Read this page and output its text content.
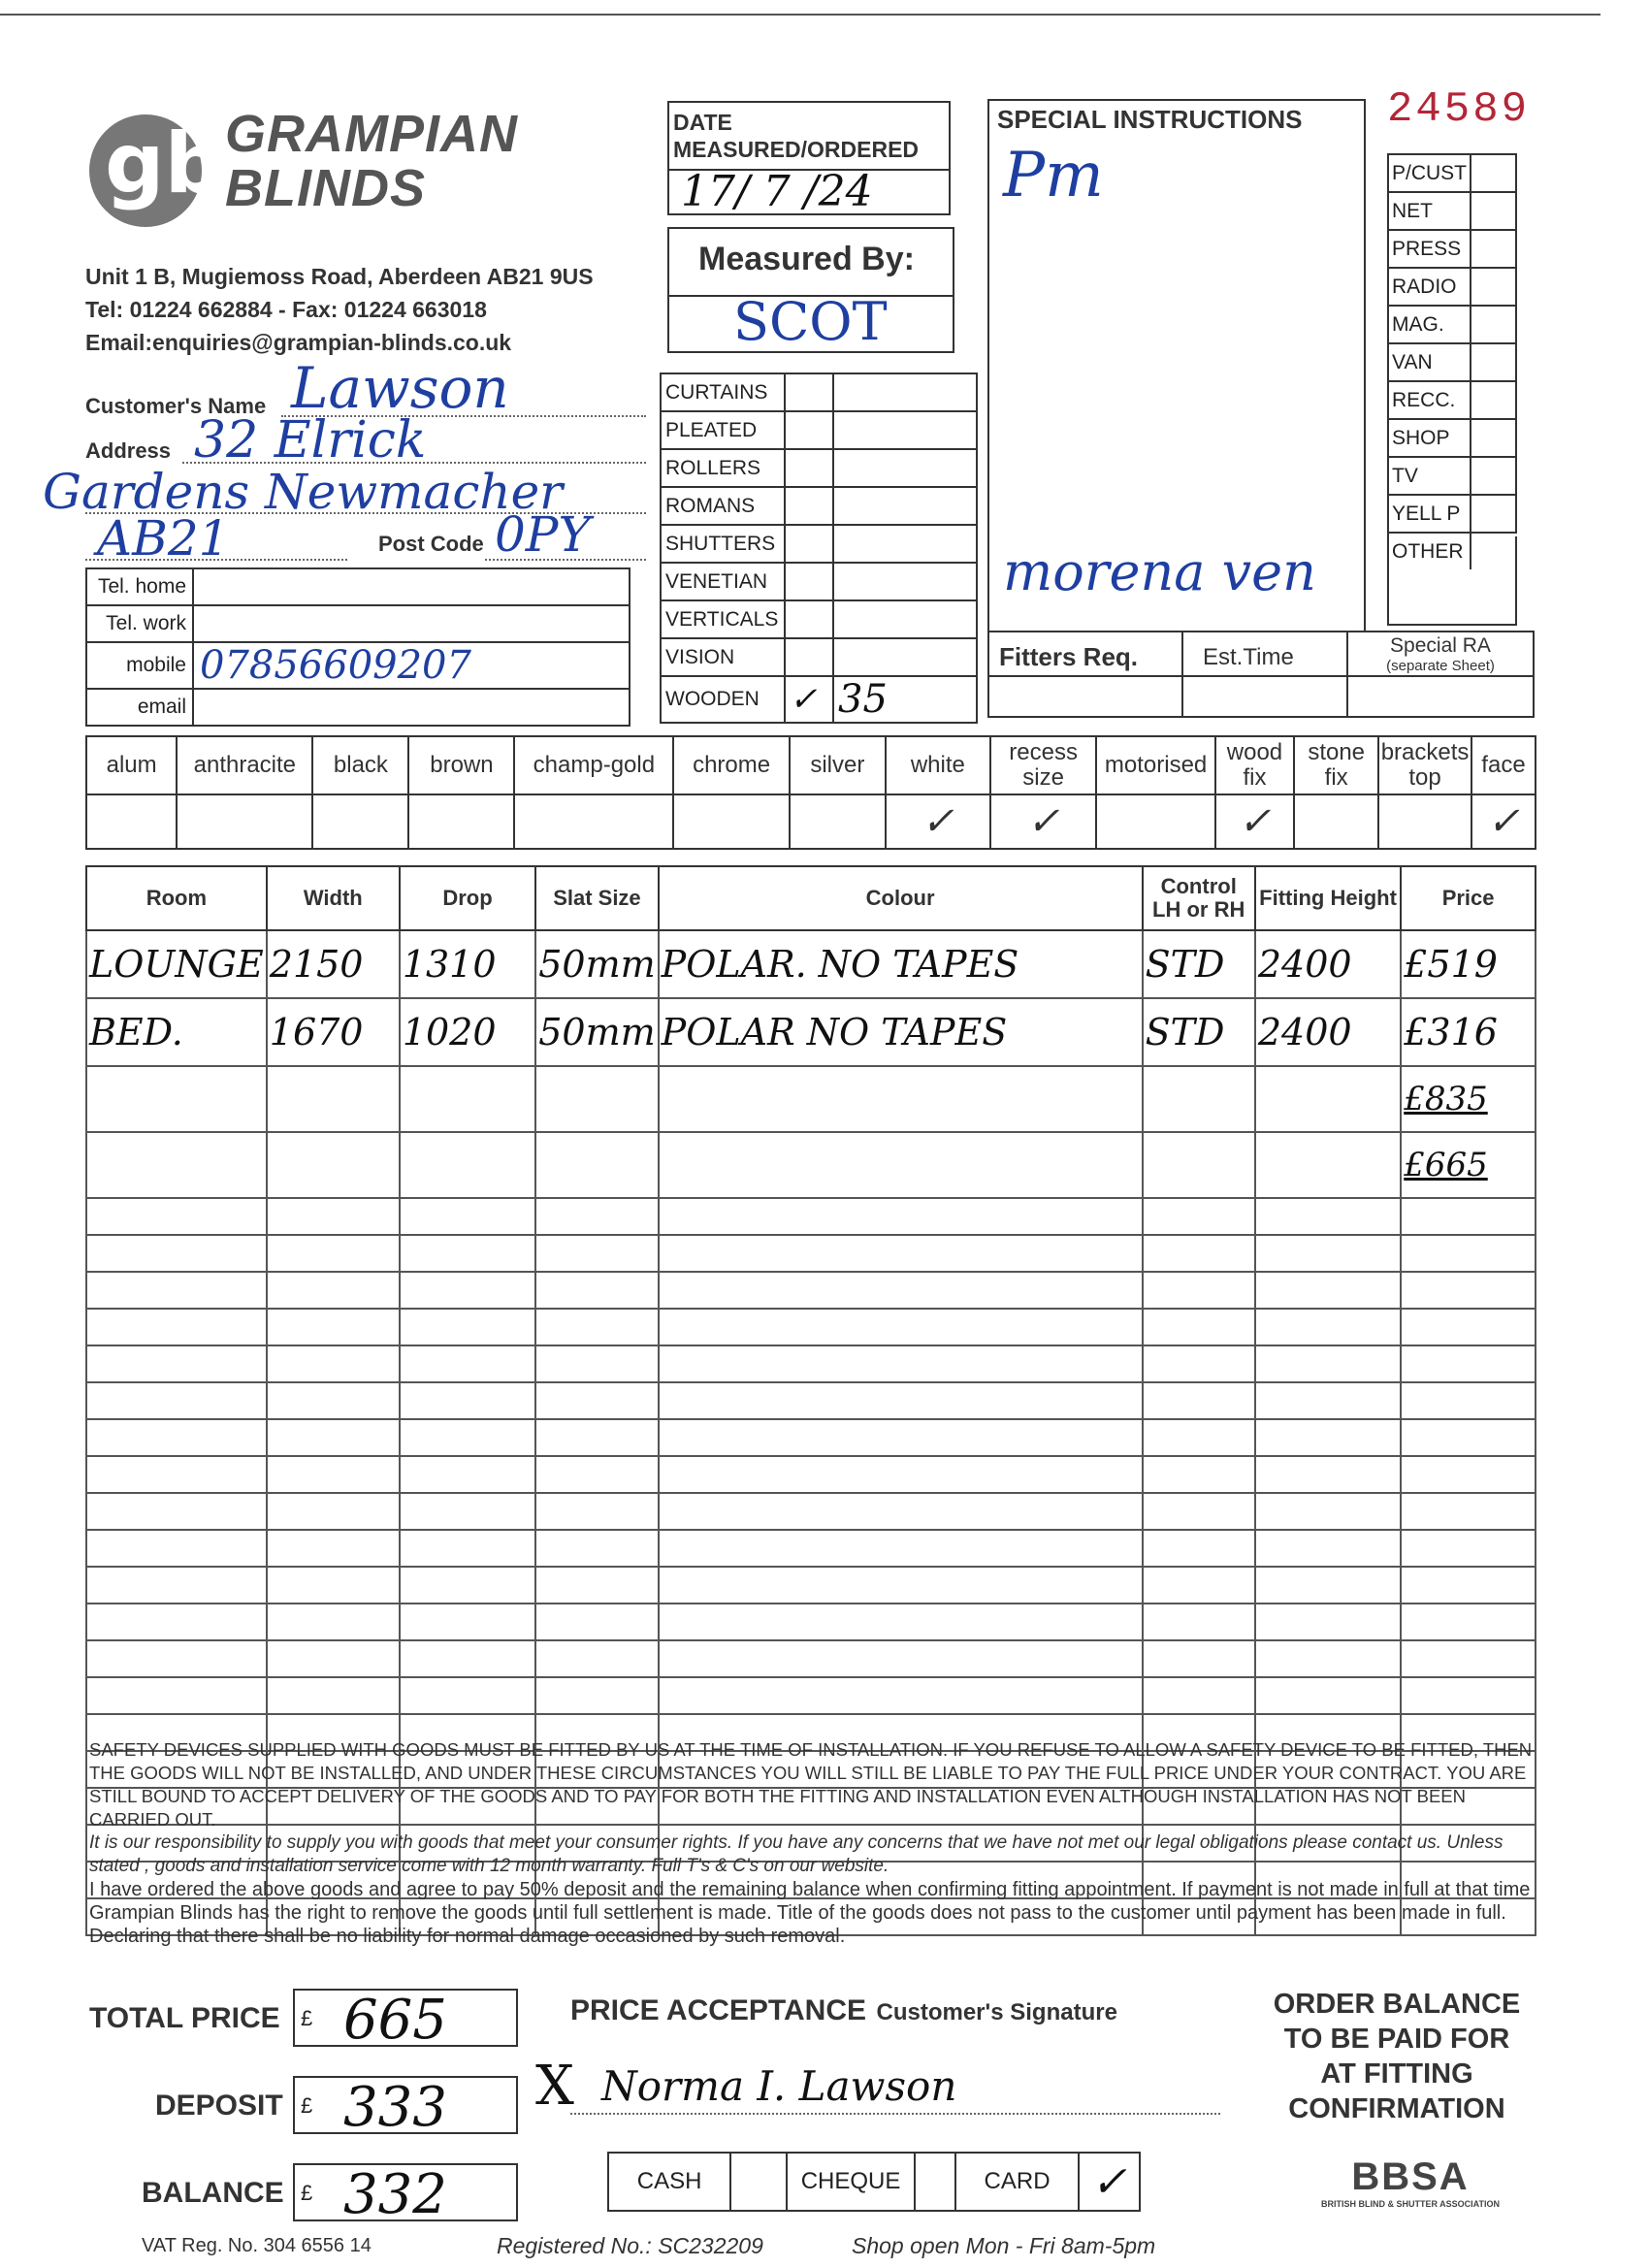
gb GRAMPIAN
BLINDS
Unit 1 B, Mugiemoss Road, Aberdeen AB21 9US
Tel: 01224 662884 - Fax: 01224 663018
Email:enquiries@grampian-blinds.co.uk
DATE
MEASURED/ORDERED
17/ 7 /24
Measured By:
SCOT
SPECIAL INSTRUCTIONS
Pm
morena ven
24589
P/CUST	
NET	
PRESS	
RADIO	
MAG.	
VAN	
RECC.	
SHOP	
TV	
YELL P	
OTHER	
Fitters Req.	Est.Time	Special RA
(separate Sheet)
Customer's Name Lawson
Address 32 Elrick
Gardens Newmacher
AB21	Post Code 0PY
Tel. home	
Tel. work	
mobile	07856609207
email	
CURTAINS		
PLEATED		
ROLLERS		
ROMANS		
SHUTTERS		
VENETIAN		
VERTICALS		
VISION		
WOODEN	✓	35
alum	anthracite	black	brown	champ-gold	chrome	silver	white	recess size	motorised	wood fix	stone fix	brackets top	face
							✓	✓		✓			✓
Room	Width	Drop	Slat Size	Colour	Control LH or RH	Fitting Height	Price
LOUNGE	2150	1310	50mm	POLAR. NO TAPES	STD	2400	£519
BED.	1670	1020	50mm	POLAR NO TAPES	STD	2400	£316
							£835
							£665

SAFETY DEVICES SUPPLIED WITH GOODS MUST BE FITTED BY US AT THE TIME OF INSTALLATION. IF YOU REFUSE TO ALLOW A SAFETY DEVICE TO BE FITTED, THEN THE GOODS WILL NOT BE INSTALLED, AND UNDER THESE CIRCUMSTANCES YOU WILL STILL BE LIABLE TO PAY THE FULL PRICE UNDER YOUR CONTRACT. YOU ARE STILL BOUND TO ACCEPT DELIVERY OF THE GOODS AND TO PAY FOR BOTH THE FITTING AND INSTALLATION EVEN ALTHOUGH INSTALLATION HAS NOT BEEN CARRIED OUT.

It is our responsibility to supply you with goods that meet your consumer rights. If you have any concerns that we have not met our legal obligations please contact us. Unless stated , goods and installation service come with 12 month warranty. Full T's & C's on our website.

I have ordered the above goods and agree to pay 50% deposit and the remaining balance when confirming fitting appointment. If payment is not made in full at that time Grampian Blinds has the right to remove the goods until full settlement is made. Title of the goods does not pass to the customer until payment has been made in full. Declaring that there shall be no liability for normal damage occasioned by such removal.

TOTAL PRICE £ 665
DEPOSIT £ 333
BALANCE £ 332
PRICE ACCEPTANCE Customer's Signature
X Norma I. Lawson
CASH		CHEQUE		CARD	✓
ORDER BALANCE
TO BE PAID FOR
AT FITTING
CONFIRMATION
BBSA
BRITISH BLIND & SHUTTER ASSOCIATION
VAT Reg. No. 304 6556 14	Registered No.: SC232209	Shop open Mon - Fri 8am-5pm
